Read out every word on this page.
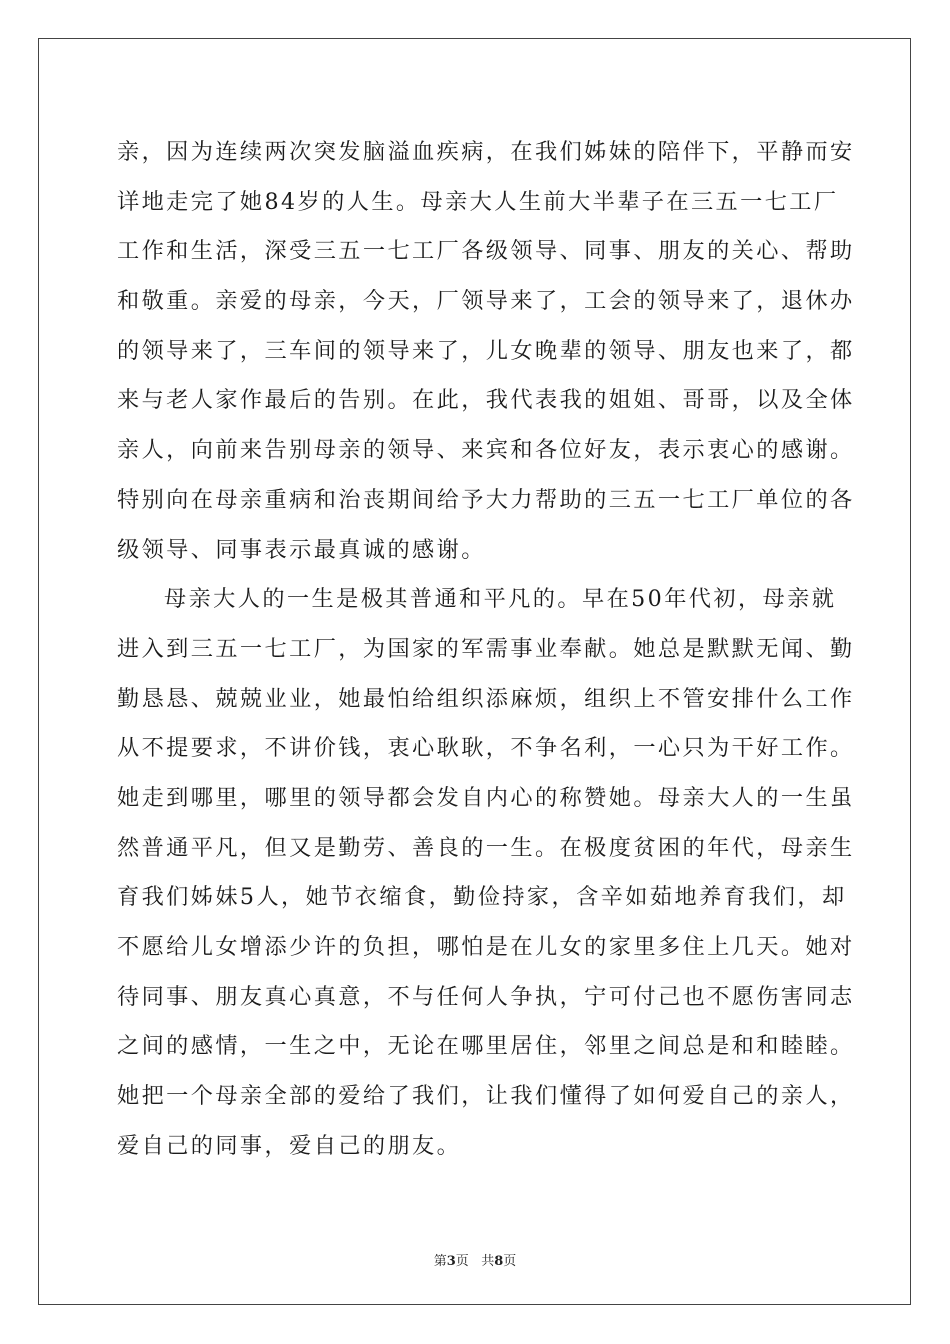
亲，因为连续两次突发脑溢血疾病，在我们姊妹的陪伴下，平静而安
详地走完了她84岁的人生。母亲大人生前大半辈子在三五一七工厂
工作和生活，深受三五一七工厂各级领导、同事、朋友的关心、帮助
和敬重。亲爱的母亲，今天，厂领导来了，工会的领导来了，退休办
的领导来了，三车间的领导来了，儿女晚辈的领导、朋友也来了，都
来与老人家作最后的告别。在此，我代表我的姐姐、哥哥，以及全体
亲人，向前来告别母亲的领导、来宾和各位好友，表示衷心的感谢。
特别向在母亲重病和治丧期间给予大力帮助的三五一七工厂单位的各
级领导、同事表示最真诚的感谢。
母亲大人的一生是极其普通和平凡的。早在50年代初，母亲就
进入到三五一七工厂，为国家的军需事业奉献。她总是默默无闻、勤
勤恳恳、兢兢业业，她最怕给组织添麻烦，组织上不管安排什么工作
从不提要求，不讲价钱，衷心耿耿，不争名利，一心只为干好工作。
她走到哪里，哪里的领导都会发自内心的称赞她。母亲大人的一生虽
然普通平凡，但又是勤劳、善良的一生。在极度贫困的年代，母亲生
育我们姊妹5人，她节衣缩食，勤俭持家，含辛如茹地养育我们，却
不愿给儿女增添少许的负担，哪怕是在儿女的家里多住上几天。她对
待同事、朋友真心真意，不与任何人争执，宁可付己也不愿伤害同志
之间的感情，一生之中，无论在哪里居住，邻里之间总是和和睦睦。
她把一个母亲全部的爱给了我们，让我们懂得了如何爱自己的亲人，
爱自己的同事，爱自己的朋友。
第3页 共8页
